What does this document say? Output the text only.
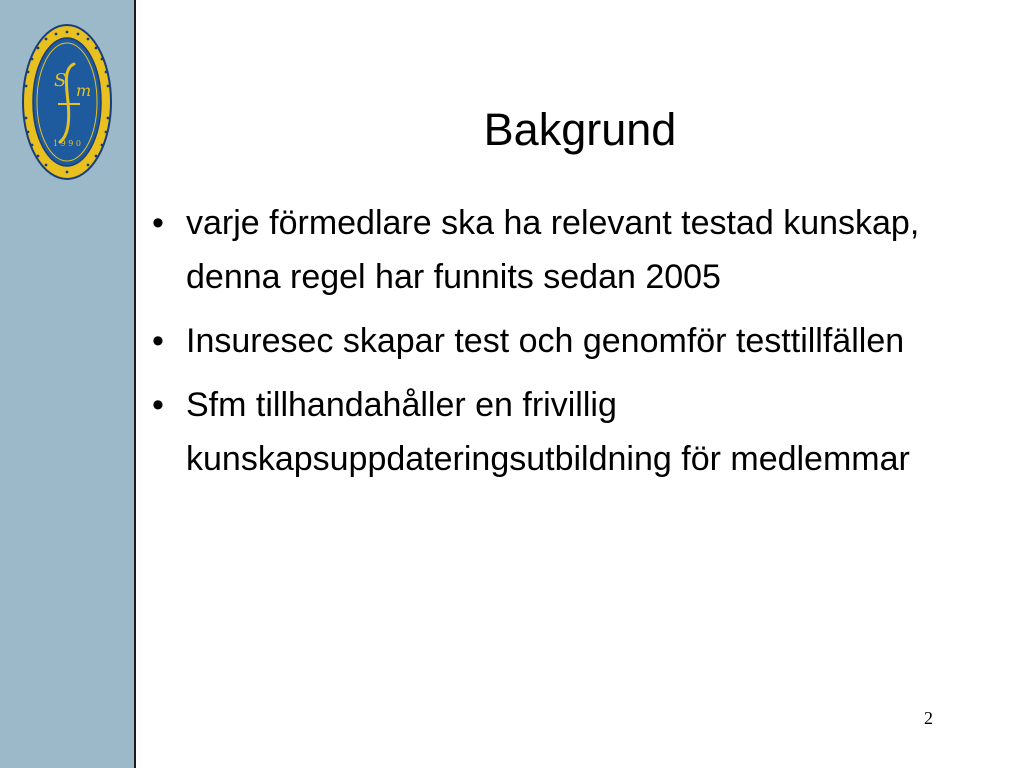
S m
1 9 9 0	Bakgrund
• varje förmedlare ska ha relevant testad kunskap, denna regel har funnits sedan 2005
• Insuresec skapar test och genomför testtillfällen
• Sfm tillhandahåller en frivillig kunskapsuppdateringsutbildning för medlemmar
2
